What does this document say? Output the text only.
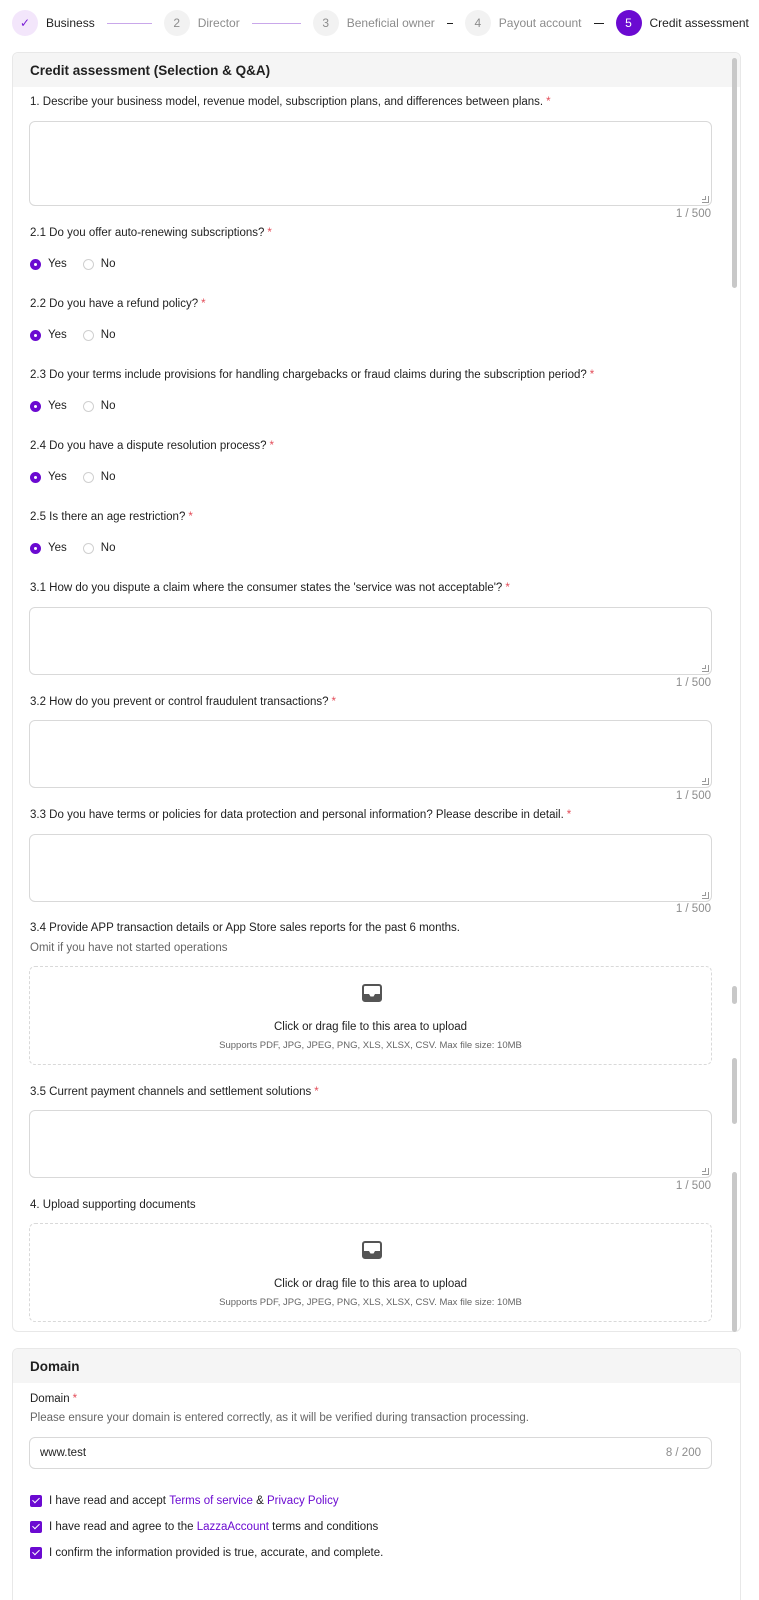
✓	Business	2	Director	3	Beneficial owner	4	Payout account	5	Credit assessment
Credit assessment (Selection & Q&A)
1. Describe your business model, revenue model, subscription plans, and differences between plans. *
1 / 500
2.1 Do you offer auto-renewing subscriptions? *
Yes	No
2.2 Do you have a refund policy? *
Yes	No
2.3 Do your terms include provisions for handling chargebacks or fraud claims during the subscription period? *
Yes	No
2.4 Do you have a dispute resolution process? *
Yes	No
2.5 Is there an age restriction? *
Yes	No
3.1 How do you dispute a claim where the consumer states the 'service was not acceptable'? *
1 / 500
3.2 How do you prevent or control fraudulent transactions? *
1 / 500
3.3 Do you have terms or policies for data protection and personal information? Please describe in detail. *
1 / 500
3.4 Provide APP transaction details or App Store sales reports for the past 6 months.
Omit if you have not started operations
Click or drag file to this area to upload
Supports PDF, JPG, JPEG, PNG, XLS, XLSX, CSV. Max file size: 10MB
3.5 Current payment channels and settlement solutions *
1 / 500
4. Upload supporting documents
Click or drag file to this area to upload
Supports PDF, JPG, JPEG, PNG, XLS, XLSX, CSV. Max file size: 10MB
Domain
Domain *
Please ensure your domain is entered correctly, as it will be verified during transaction processing.
www.test	8 / 200
I have read and accept
Terms of service
&
Privacy Policy
I have read and agree to the
LazzaAccount
terms and conditions
I confirm the information provided is true, accurate, and complete.
